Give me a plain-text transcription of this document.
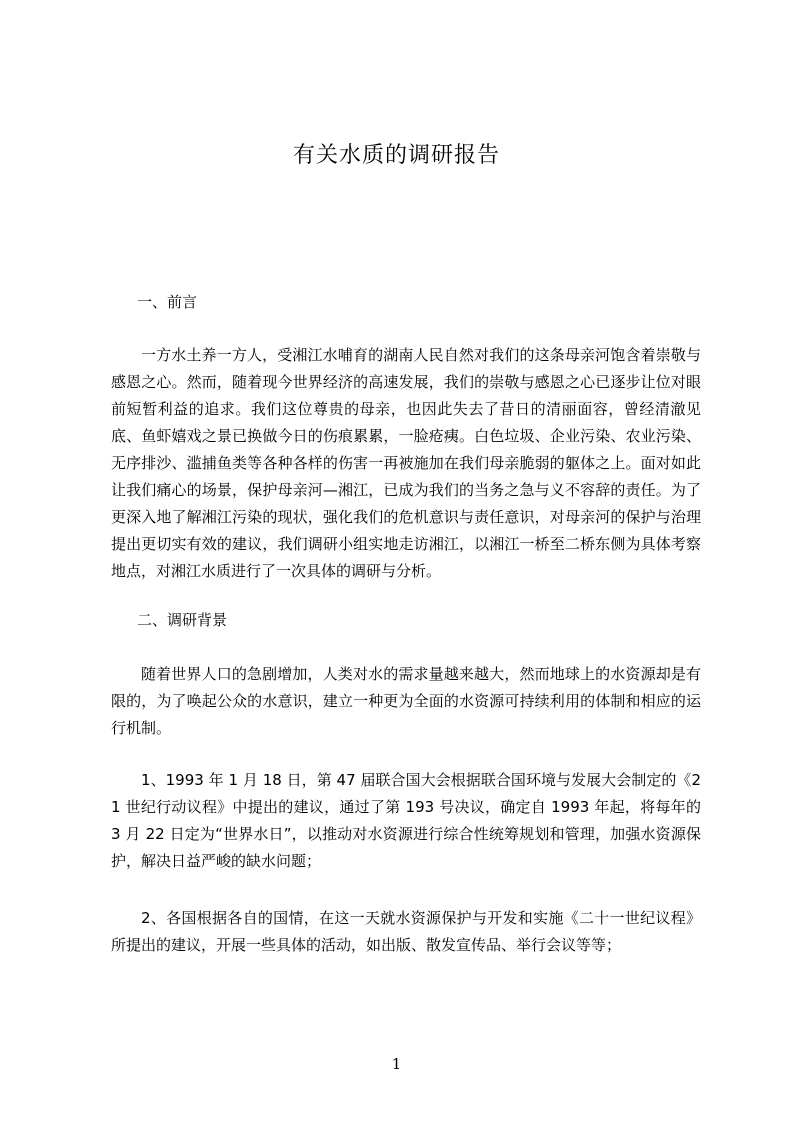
有关水质的调研报告
一、前言
一方水土养一方人，受湘江水哺育的湖南人民自然对我们的这条母亲河饱含着崇敬与感恩之心。然而，随着现今世界经济的高速发展，我们的崇敬与感恩之心已逐步让位对眼前短暂利益的追求。我们这位尊贵的母亲，也因此失去了昔日的清丽面容，曾经清澈见底、鱼虾嬉戏之景已换做今日的伤痕累累，一脸疮痍。白色垃圾、企业污染、农业污染、无序排沙、滥捕鱼类等各种各样的伤害一再被施加在我们母亲脆弱的躯体之上。面对如此让我们痛心的场景，保护母亲河—湘江，已成为我们的当务之急与义不容辞的责任。为了更深入地了解湘江污染的现状，强化我们的危机意识与责任意识，对母亲河的保护与治理提出更切实有效的建议，我们调研小组实地走访湘江，以湘江一桥至二桥东侧为具体考察地点，对湘江水质进行了一次具体的调研与分析。
二、调研背景
随着世界人口的急剧增加，人类对水的需求量越来越大，然而地球上的水资源却是有限的，为了唤起公众的水意识，建立一种更为全面的水资源可持续利用的体制和相应的运行机制。
1、1993 年 1 月 18 日，第 47 届联合国大会根据联合国环境与发展大会制定的《21 世纪行动议程》中提出的建议，通过了第 193 号决议，确定自 1993 年起，将每年的 3 月 22 日定为“世界水日”，以推动对水资源进行综合性统筹规划和管理，加强水资源保护，解决日益严峻的缺水问题；
2、各国根据各自的国情，在这一天就水资源保护与开发和实施《二十一世纪议程》所提出的建议，开展一些具体的活动，如出版、散发宣传品、举行会议等等；
1
